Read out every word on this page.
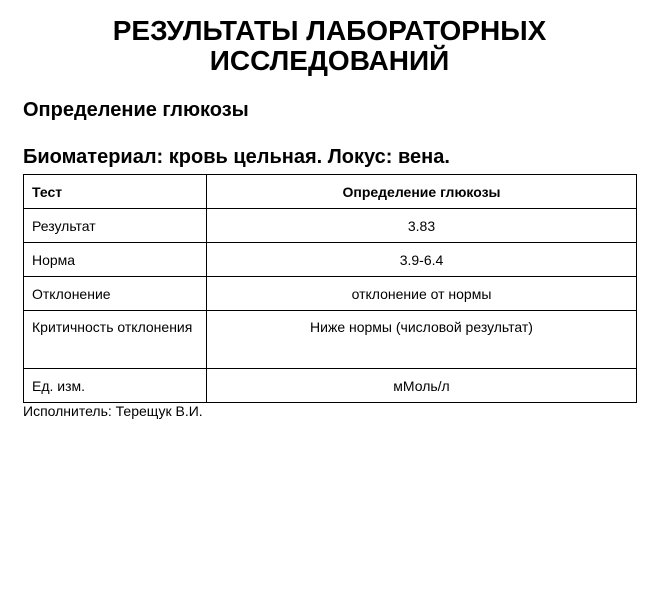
РЕЗУЛЬТАТЫ ЛАБОРАТОРНЫХ ИССЛЕДОВАНИЙ
Определение глюкозы
Биоматериал: кровь цельная. Локус: вена.
Тест	Определение глюкозы
Результат	3.83
Норма	3.9-6.4
Отклонение	отклонение от нормы
Критичность отклонения	Ниже нормы (числовой результат)
Ед. изм.	мМоль/л

Исполнитель: Терещук В.И.
